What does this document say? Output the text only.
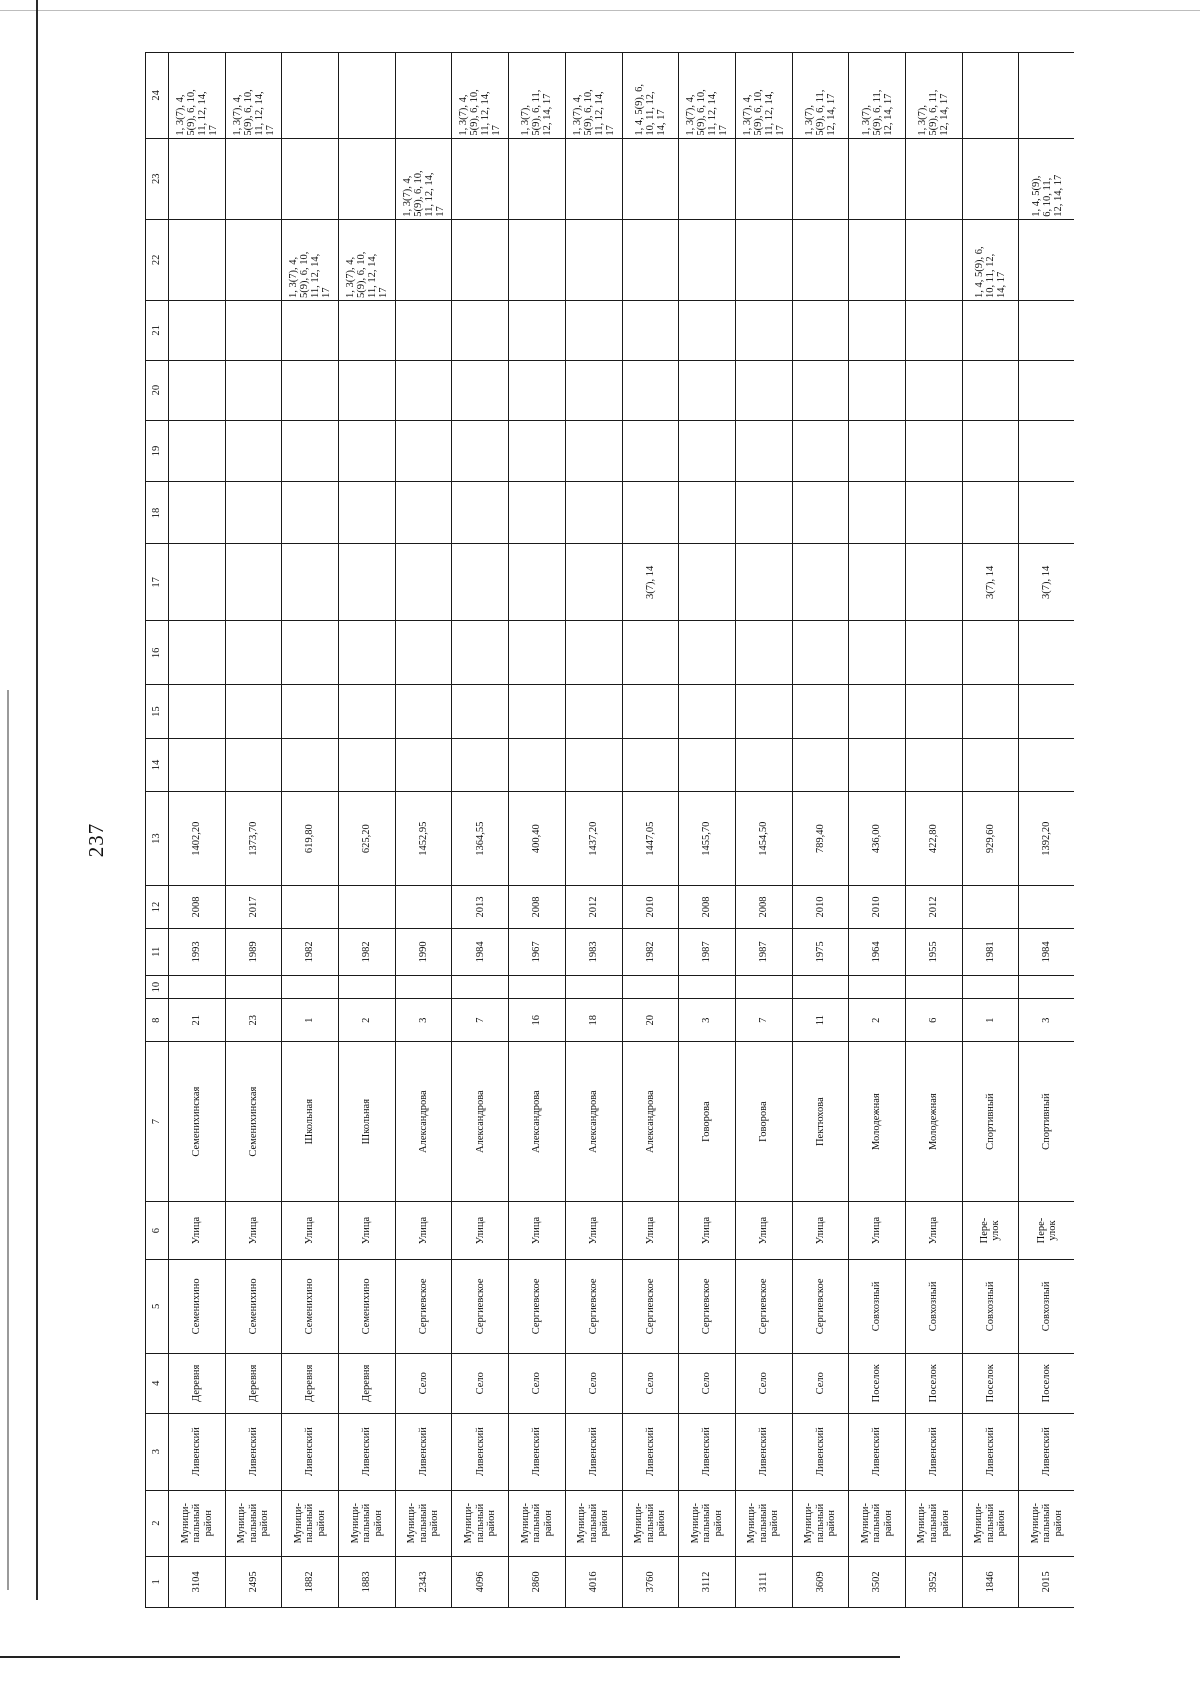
237
1	2	3	4	5	6	7	8	10	11	12	13	14	15	16	17	18	19	20	21	22	23	24
3104	Муници-
пальный
район	Ливенский	Деревня	Семенихино	Улица	Семенихинская	21		1993	2008	1402,20											1, 3(7), 4,
5(9), 6, 10,
11, 12, 14,
17
2495	Муници-
пальный
район	Ливенский	Деревня	Семенихино	Улица	Семенихинская	23		1989	2017	1373,70											1, 3(7), 4,
5(9), 6, 10,
11, 12, 14,
17
1882	Муници-
пальный
район	Ливенский	Деревня	Семенихино	Улица	Школьная	1		1982		619,80									1, 3(7), 4,
5(9), 6, 10,
11, 12, 14,
17		
1883	Муници-
пальный
район	Ливенский	Деревня	Семенихино	Улица	Школьная	2		1982		625,20									1, 3(7), 4,
5(9), 6, 10,
11, 12, 14,
17		
2343	Муници-
пальный
район	Ливенский	Село	Сергиевское	Улица	Александрова	3		1990		1452,95										1, 3(7), 4,
5(9), 6, 10,
11, 12, 14,
17	
4096	Муници-
пальный
район	Ливенский	Село	Сергиевское	Улица	Александрова	7		1984	2013	1364,55											1, 3(7), 4,
5(9), 6, 10,
11, 12, 14,
17
2860	Муници-
пальный
район	Ливенский	Село	Сергиевское	Улица	Александрова	16		1967	2008	400,40											1, 3(7),
5(9), 6, 11,
12, 14, 17
4016	Муници-
пальный
район	Ливенский	Село	Сергиевское	Улица	Александрова	18		1983	2012	1437,20											1, 3(7), 4,
5(9), 6, 10,
11, 12, 14,
17
3760	Муници-
пальный
район	Ливенский	Село	Сергиевское	Улица	Александрова	20		1982	2010	1447,05				3(7), 14							1, 4, 5(9), 6,
10, 11, 12,
14, 17
3112	Муници-
пальный
район	Ливенский	Село	Сергиевское	Улица	Говорова	3		1987	2008	1455,70											1, 3(7), 4,
5(9), 6, 10,
11, 12, 14,
17
3111	Муници-
пальный
район	Ливенский	Село	Сергиевское	Улица	Говорова	7		1987	2008	1454,50											1, 3(7), 4,
5(9), 6, 10,
11, 12, 14,
17
3609	Муници-
пальный
район	Ливенский	Село	Сергиевское	Улица	Пектюхова	11		1975	2010	789,40											1, 3(7),
5(9), 6, 11,
12, 14, 17
3502	Муници-
пальный
район	Ливенский	Поселок	Совхозный	Улица	Молодежная	2		1964	2010	436,00											1, 3(7),
5(9), 6, 11,
12, 14, 17
3952	Муници-
пальный
район	Ливенский	Поселок	Совхозный	Улица	Молодежная	6		1955	2012	422,80											1, 3(7),
5(9), 6, 11,
12, 14, 17
1846	Муници-
пальный
район	Ливенский	Поселок	Совхозный	Пере-
улок	Спортивный	1		1981		929,60				3(7), 14					1, 4, 5(9), 6,
10, 11, 12,
14, 17		
2015	Муници-
пальный
район	Ливенский	Поселок	Совхозный	Пере-
улок	Спортивный	3		1984		1392,20				3(7), 14						1, 4, 5(9),
6, 10, 11,
12, 14, 17	
